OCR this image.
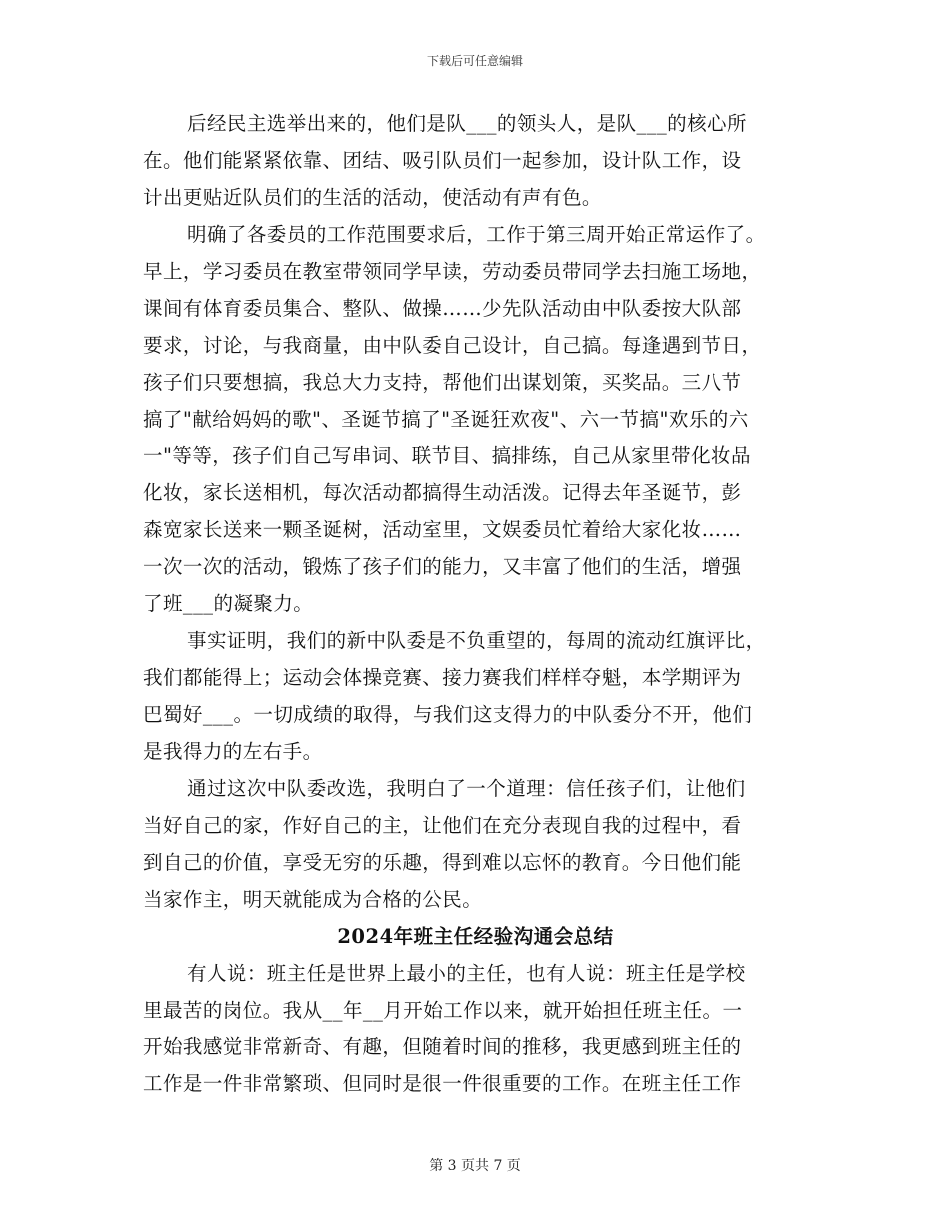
下载后可任意编辑
后经民主选举出来的，他们是队___的领头人，是队___的核心所
在。他们能紧紧依靠、团结、吸引队员们一起参加，设计队工作，设
计出更贴近队员们的生活的活动，使活动有声有色。
明确了各委员的工作范围要求后，工作于第三周开始正常运作了。
早上，学习委员在教室带领同学早读，劳动委员带同学去扫施工场地，
课间有体育委员集合、整队、做操……少先队活动由中队委按大队部
要求，讨论，与我商量，由中队委自己设计，自己搞。每逢遇到节日，
孩子们只要想搞，我总大力支持，帮他们出谋划策，买奖品。三八节
搞了"献给妈妈的歌"、圣诞节搞了"圣诞狂欢夜"、六一节搞"欢乐的六
一"等等，孩子们自己写串词、联节目、搞排练，自己从家里带化妆品
化妆，家长送相机，每次活动都搞得生动活泼。记得去年圣诞节，彭
森宽家长送来一颗圣诞树，活动室里，文娱委员忙着给大家化妆……
一次一次的活动，锻炼了孩子们的能力，又丰富了他们的生活，增强
了班___的凝聚力。
事实证明，我们的新中队委是不负重望的，每周的流动红旗评比，
我们都能得上；运动会体操竞赛、接力赛我们样样夺魁，本学期评为
巴蜀好___。一切成绩的取得，与我们这支得力的中队委分不开，他们
是我得力的左右手。
通过这次中队委改选，我明白了一个道理：信任孩子们，让他们
当好自己的家，作好自己的主，让他们在充分表现自我的过程中，看
到自己的价值，享受无穷的乐趣，得到难以忘怀的教育。今日他们能
当家作主，明天就能成为合格的公民。
2024年班主任经验沟通会总结
有人说：班主任是世界上最小的主任，也有人说：班主任是学校
里最苦的岗位。我从__年__月开始工作以来，就开始担任班主任。一
开始我感觉非常新奇、有趣，但随着时间的推移，我更感到班主任的
工作是一件非常繁琐、但同时是很一件很重要的工作。在班主任工作
第 3 页共 7 页
